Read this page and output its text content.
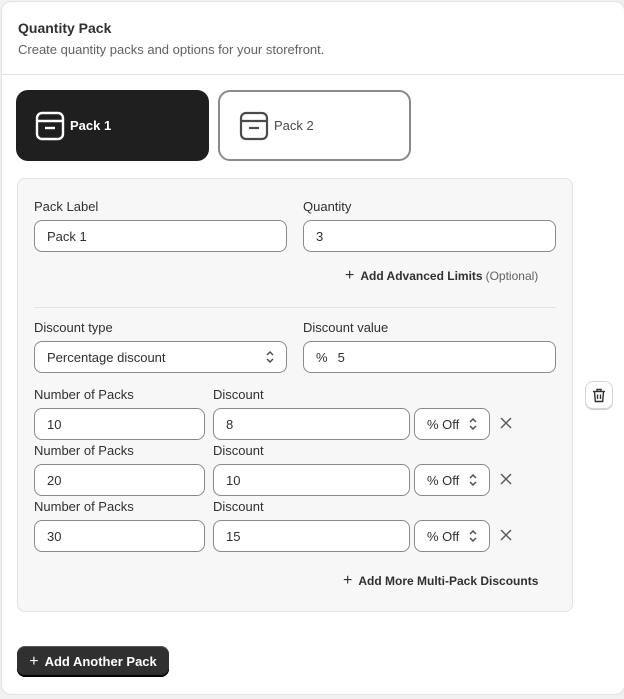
Quantity Pack
Create quantity packs and options for your storefront.
Pack 1	Pack 2
Pack Label
Pack 1
Quantity
3
+ Add Advanced Limits (Optional)
Discount type
Percentage discount
Discount value
% 5
Number of Packs	Discount
10	8	% Off
Number of Packs	Discount
20	10	% Off
Number of Packs	Discount
30	15	% Off
+ Add More Multi-Pack Discounts
+ Add Another Pack
